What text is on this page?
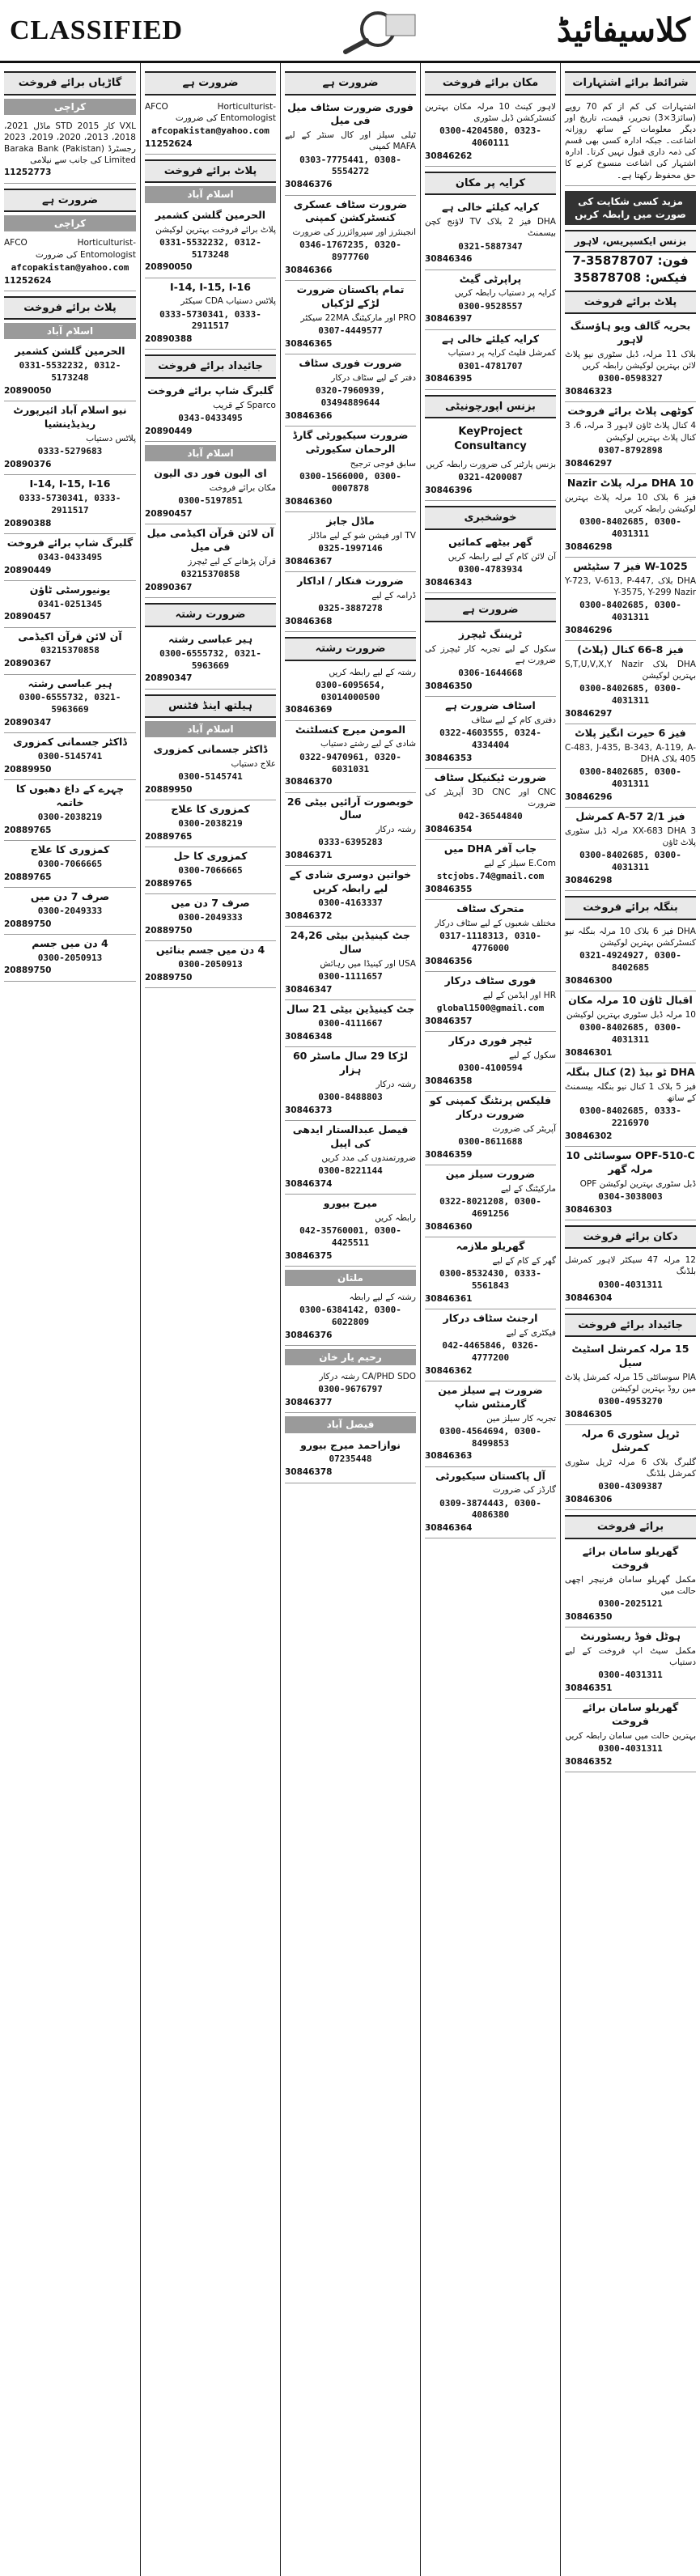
CLASSIFIED	کلاسیفائیڈ
شرائط برائے اشتہارات
اشتہارات کی کم از کم 70 روپے (سائز3×3) تحریر، قیمت، تاریخ اور دیگر معلومات کے ساتھ روزانہ اشاعت۔ جبکہ ادارہ کسی بھی قسم کی ذمہ داری قبول نہیں کرتا۔ ادارہ اشتہار کی اشاعت منسوخ کرنے کا حق محفوظ رکھتا ہے۔
مزید کسی شکایت کی صورت میں رابطہ کریں
بزنس ایکسپریس، لاہور
فون: 35878707-7
فیکس: 35878708
پلاٹ برائے فروخت
بحریہ گالف ویو ہاؤسنگ لاہور
بلاک 11 مرلہ، ڈبل سٹوری نیو پلاٹ لائن بہترین لوکیشن رابطہ کریں
0300-0598327
30846323
کوٹھی پلاٹ برائے فروخت
4 کنال پلاٹ ٹاؤن لاہور 3 مرلہ، 6، 3 کنال پلاٹ بہترین لوکیشن
0307-8792898
30846297
DHA 10 مرلہ پلاٹ Nazir
فیز 6 بلاک 10 مرلہ پلاٹ بہترین لوکیشن رابطہ کریں
0300-8402685, 0300-4031311
30846298
W-1025 فیز 7 سٹیٹس
DHA بلاک Y-723, V-613, P-447, Y-3575, Y-299 Nazir
0300-8402685, 0300-4031311
30846296
فیز 8-66 کنال (پلاٹ)
DHA بلاک S,T,U,V,X,Y Nazir بہترین لوکیشن
0300-8402685, 0300-4031311
30846297
فیز 6 حیرت انگیز پلاٹ
C-483, J-435, B-343, A-119, A-405 بلاک DHA
0300-8402685, 0300-4031311
30846296
فیز 2/1 A-57 کمرشل
XX-683 DHA 3 مرلہ ڈبل سٹوری پلاٹ ٹاؤن
0300-8402685, 0300-4031311
30846298
بنگلہ برائے فروخت
DHA فیز 6 بلاک 10 مرلہ بنگلہ نیو کنسٹرکشن بہترین لوکیشن
0321-4924927, 0300-8402685
30846300
اقبال ٹاؤن 10 مرلہ مکان
10 مرلہ ڈبل سٹوری بہترین لوکیشن
0300-8402685, 0300-4031311
30846301
DHA ٹو بیڈ (2) کنال بنگلہ
فیز 5 بلاک 1 کنال نیو بنگلہ بیسمنٹ کے ساتھ
0300-8402685, 0333-2216970
30846302
OPF-510-C سوسائٹی 10 مرلہ گھر
ڈبل سٹوری بہترین لوکیشن OPF
0304-3038003
30846303
دکان برائے فروخت
12 مرلہ 47 سیکٹر لاہور کمرشل بلڈنگ
0300-4031311
30846304
جائیداد برائے فروخت
15 مرلہ کمرشل اسٹیٹ سیل
PIA سوسائٹی 15 مرلہ کمرشل پلاٹ مین روڈ بہترین لوکیشن
0300-4953270
30846305
ٹرپل سٹوری 6 مرلہ کمرشل
گلبرگ بلاک 6 مرلہ ٹرپل سٹوری کمرشل بلڈنگ
0300-4309387
30846306
برائے فروخت
گھریلو سامان برائے فروخت
مکمل گھریلو سامان فرنیچر اچھی حالت میں
0300-2025121
30846350
ہوٹل فوڈ ریسٹورنٹ
مکمل سیٹ اپ فروخت کے لیے دستیاب
0300-4031311
30846351
گھریلو سامان برائے فروخت
بہترین حالت میں سامان رابطہ کریں
0300-4031311
30846352
مکان برائے فروخت
لاہور کینٹ 10 مرلہ مکان بہترین کنسٹرکشن ڈبل سٹوری
0300-4204580, 0323-4060111
30846262
کرایہ پر مکان
کرایہ کیلئے خالی ہے
DHA فیز 2 بلاک TV لاؤنج کچن بیسمنٹ
0321-5887347
30846346
پراپرٹی گیٹ
کرایہ پر دستیاب رابطہ کریں
0300-9528557
30846397
کرایہ کیلئے خالی ہے
کمرشل فلیٹ کرایہ پر دستیاب
0301-4781707
30846395
بزنس اپورچونیٹی
KeyProject Consultancy
بزنس پارٹنر کی ضرورت رابطہ کریں
0321-4200087
30846396
خوشخبری
گھر بیٹھے کمائیں
آن لائن کام کے لیے رابطہ کریں
0300-4783934
30846343
ضرورت ہے
ٹریننگ ٹیچرز
سکول کے لیے تجربہ کار ٹیچرز کی ضرورت ہے
0306-1644668
30846350
اسٹاف ضرورت ہے
دفتری کام کے لیے سٹاف
0322-4603555, 0324-4334404
30846353
ضرورت ٹیکنیکل سٹاف
CNC اور 3D CNC آپریٹر کی ضرورت
042-36544840
30846354
جاب آفر DHA میں
E.Com سیلز کے لیے
stcjobs.74@gmail.com
30846355
متحرک سٹاف
مختلف شعبوں کے لیے سٹاف درکار
0317-1118313, 0310-4776000
30846356
فوری سٹاف درکار
HR اور ایڈمن کے لیے
global1500@gmail.com
30846357
ٹیچر فوری درکار
سکول کے لیے
0300-4100594
30846358
فلیکس پرنٹنگ کمپنی کو ضرورت درکار
آپریٹر کی ضرورت
0300-8611688
30846359
ضرورت سیلز مین
مارکیٹنگ کے لیے
0322-8021208, 0300-4691256
30846360
گھریلو ملازمہ
گھر کے کام کے لیے
0300-8532430, 0333-5561843
30846361
ارجنٹ سٹاف درکار
فیکٹری کے لیے
042-4465846, 0326-4777200
30846362
ضرورت ہے سیلز مین گارمنٹس شاپ
تجربہ کار سیلز مین
0300-4564694, 0300-8499853
30846363
آل پاکستان سیکیورٹی
گارڈز کی ضرورت
0309-3874443, 0300-4086380
30846364
ضرورت ہے
فوری ضرورت سٹاف میل فی میل
ٹیلی سیلز اور کال سنٹر کے لیے MAFA کمپنی
0303-7775441, 0308-5554272
30846376
ضرورت سٹاف عسکری کنسٹرکشن کمپنی
انجینئرز اور سپروائزرز کی ضرورت
0346-1767235, 0320-8977760
30846366
تمام پاکستان ضرورت لڑکے لڑکیاں
PRO اور مارکیٹنگ 22MA سیکٹر
0307-4449577
30846365
ضرورت فوری سٹاف
دفتر کے لیے سٹاف درکار
0320-7960939, 03494889644
30846366
ضرورت سیکیورٹی گارڈ الرحمان سکیورٹی
سابق فوجی ترجیح
0300-1566000, 0300-0007878
30846360
ماڈل جابز
TV اور فیشن شو کے لیے ماڈلز
0325-1997146
30846367
ضرورت فنکار / اداکار
ڈرامہ کے لیے
0325-3887278
30846368
ضرورت رشتہ
رشتہ کے لیے رابطہ کریں
0300-6095654, 03014000500
30846369
المومن میرج کنسلٹنٹ
شادی کے لیے رشتے دستیاب
0322-9470961, 0320-6031031
30846370
خوبصورت آرائیں بیٹی 26 سال
رشتہ درکار
0333-6395283
30846371
خواتین دوسری شادی کے لیے رابطہ کریں
0300-4163337
30846372
جٹ کینیڈین بیٹی 24,26 سال
USA اور کینیڈا میں رہائش
0300-1111657
30846347
جٹ کینیڈین بیٹی 21 سال
0300-4111667
30846348
لڑکا 29 سال ماسٹر 60 ہزار
رشتہ درکار
0300-8488803
30846373
فیصل عبدالستار ایدھی کی اپیل
ضرورتمندوں کی مدد کریں
0300-8221144
30846374
میرج بیورو
رابطہ کریں
042-35760001, 0300-4425511
30846375
ملتان
رشتہ کے لیے رابطہ
0300-6384142, 0300-6022809
30846376
رحیم یار خان
CA/PHD SDO رشتہ درکار
0300-9676797
30846377
فیصل آباد
نوازاحمد میرج بیورو
07235448
30846378
ضرورت ہے
AFCO Horticulturist-Entomologist کی ضرورت
afcopakistan@yahoo.com
11252624
پلاٹ برائے فروخت
اسلام آباد
الحرمین گلشن کشمیر
پلاٹ برائے فروخت بہترین لوکیشن
0331-5532232, 0312-5173248
20890050
I-14, I-15, I-16
پلاٹس دستیاب CDA سیکٹر
0333-5730341, 0333-2911517
20890388
جائیداد برائے فروخت
گلبرگ شاپ برائے فروخت
Sparco کے قریب
0343-0433495
20890449
اسلام آباد
ای الیون فور دی الیون
مکان برائے فروخت
0300-5197851
20890457
آن لائن قرآن اکیڈمی میل فی میل
قرآن پڑھانے کے لیے ٹیچرز
03215370858
20890367
ضرورت رشتہ
ہیر عباسی رشتہ
0300-6555732, 0321-5963669
20890347
ہیلتھ اینڈ فٹنس
اسلام آباد
ڈاکٹر جسمانی کمزوری
علاج دستیاب
0300-5145741
20889950
کمزوری کا علاج
0300-2038219
20889765
کمزوری کا حل
0300-7066665
20889765
صرف 7 دن میں
0300-2049333
20889750
4 دن میں جسم بنائیں
0300-2050913
20889750
گاڑیاں برائے فروخت
کراچی
VXL کار 2015 STD ماڈل 2021، 2018، 2013، 2020، 2019، 2023 رجسٹرڈ Baraka Bank (Pakistan) Limited کی جانب سے نیلامی
11252773
ضرورت ہے
کراچی
AFCO Horticulturist-Entomologist کی ضرورت
afcopakistan@yahoo.com
11252624
پلاٹ برائے فروخت
اسلام آباد
الحرمین گلشن کشمیر
0331-5532232, 0312-5173248
20890050
نیو اسلام آباد ائیرپورٹ ریذیڈینشیا
پلاٹس دستیاب
0333-5279683
20890376
I-14, I-15, I-16
0333-5730341, 0333-2911517
20890388
گلبرگ شاپ برائے فروخت
0343-0433495
20890449
یونیورسٹی ٹاؤن
0341-0251345
20890457
آن لائن قرآن اکیڈمی
03215370858
20890367
ہیر عباسی رشتہ
0300-6555732, 0321-5963669
20890347
ڈاکٹر جسمانی کمزوری
0300-5145741
20889950
چہرے کے داغ دھبوں کا خاتمہ
0300-2038219
20889765
کمزوری کا علاج
0300-7066665
20889765
صرف 7 دن میں
0300-2049333
20889750
4 دن میں جسم
0300-2050913
20889750
